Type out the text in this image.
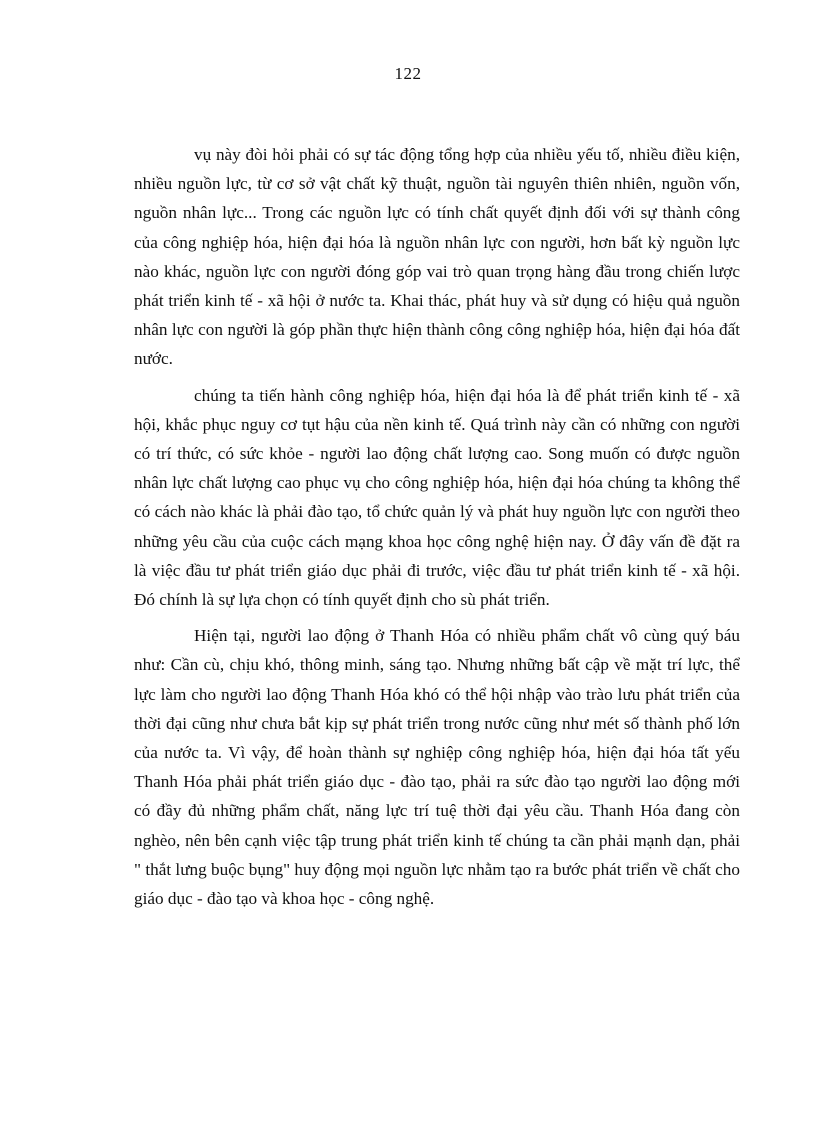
122

vụ này đòi hỏi phải có sự tác động tổng hợp của nhiều yếu tố, nhiều điều kiện, nhiều nguồn lực, từ cơ sở vật chất kỹ thuật, nguồn tài nguyên thiên nhiên, nguồn vốn, nguồn nhân lực... Trong các nguồn lực có tính chất quyết định đối với sự thành công của công nghiệp hóa, hiện đại hóa là nguồn nhân lực con người, hơn bất kỳ nguồn lực nào khác, nguồn lực con người đóng góp vai trò quan trọng hàng đầu trong chiến lược phát triển kinh tế - xã hội ở nước ta. Khai thác, phát huy và sử dụng có hiệu quả nguồn nhân lực con người là góp phần thực hiện thành công công nghiệp hóa, hiện đại hóa đất nước.

chúng ta tiến hành công nghiệp hóa, hiện đại hóa là để phát triển kinh tế - xã hội, khắc phục nguy cơ tụt hậu của nền kinh tế. Quá trình này cần có những con người có trí thức, có sức khỏe - người lao động chất lượng cao. Song muốn có được nguồn nhân lực chất lượng cao phục vụ cho công nghiệp hóa, hiện đại hóa chúng ta không thể có cách nào khác là phải đào tạo, tổ chức quản lý và phát huy nguồn lực con người theo những yêu cầu của cuộc cách mạng khoa học công nghệ hiện nay. Ở đây vấn đề đặt ra là việc đầu tư phát triển giáo dục phải đi trước, việc đầu tư phát triển kinh tế - xã hội. Đó chính là sự lựa chọn có tính quyết định cho sù phát triển.

Hiện tại, người lao động ở Thanh Hóa có nhiều phẩm chất vô cùng quý báu như: Cần cù, chịu khó, thông minh, sáng tạo. Nhưng những bất cập về mặt trí lực, thể lực làm cho người lao động Thanh Hóa khó có thể hội nhập vào trào lưu phát triển của thời đại cũng như chưa bắt kịp sự phát triển trong nước cũng như mét số thành phố lớn của nước ta. Vì vậy, để hoàn thành sự nghiệp công nghiệp hóa, hiện đại hóa tất yếu Thanh Hóa phải phát triển giáo dục - đào tạo, phải ra sức đào tạo người lao động mới có đầy đủ những phẩm chất, năng lực trí tuệ thời đại yêu cầu. Thanh Hóa đang còn nghèo, nên bên cạnh việc tập trung phát triển kinh tế chúng ta cần phải mạnh dạn, phải " thắt lưng buộc bụng" huy động mọi nguồn lực nhằm tạo ra bước phát triển về chất cho giáo dục - đào tạo và khoa học - công nghệ.
